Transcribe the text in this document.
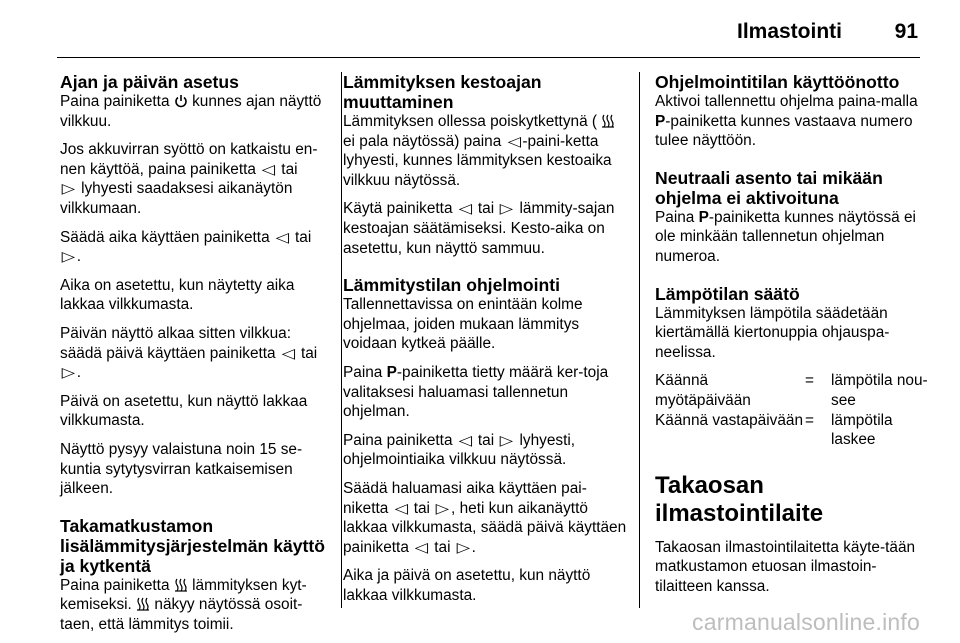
Ilmastointi	91
Ajan ja päivän asetus

Paina painiketta kunnes ajan näyttö vilkkuu.

Jos akkuvirran syöttö on katkaistu en-nen käyttöä, paina painiketta ◁ tai
▷ lyhyesti saadaksesi aikanäytön vilkkumaan.

Säädä aika käyttäen painiketta ◁ tai ▷ .

Aika on asetettu, kun näytetty aika lakkaa vilkkumasta.

Päivän näyttö alkaa sitten vilkkua: säädä päivä käyttäen painiketta ◁ tai ▷ .

Päivä on asetettu, kun näyttö lakkaa vilkkumasta.

Näyttö pysyy valaistuna noin 15 se-kuntia sytytysvirran katkaisemisen jälkeen.

Takamatkustamon lisälämmitysjärjestelmän käyttö ja kytkentä

Paina painiketta lämmityksen kyt-kemiseksi. näkyy näytössä osoit-taen, että lämmitys toimii.

Lämmityksen kestoajan muuttaminen

Lämmityksen ollessa poiskytkettynä (  ei pala näytössä) paina ◁ -paini-ketta lyhyesti, kunnes lämmityksen kestoaika vilkkuu näytössä.

Käytä painiketta ◁ tai ▷ lämmity-sajan kestoajan säätämiseksi. Kesto-aika on asetettu, kun näyttö sammuu.

Lämmitystilan ohjelmointi

Tallennettavissa on enintään kolme ohjelmaa, joiden mukaan lämmitys voidaan kytkeä päälle.

Paina P-painiketta tietty määrä ker-toja valitaksesi haluamasi tallennetun ohjelman.

Paina painiketta ◁ tai ▷ lyhyesti, ohjelmointiaika vilkkuu näytössä.

Säädä haluamasi aika käyttäen pai-niketta ◁ tai ▷ , heti kun aikanäyttö lakkaa vilkkumasta, säädä päivä käyttäen painiketta ◁ tai ▷ .

Aika ja päivä on asetettu, kun näyttö lakkaa vilkkumasta.

Ohjelmointitilan käyttöönotto

Aktivoi tallennettu ohjelma paina-malla P-painiketta kunnes vastaava numero tulee näyttöön.

Neutraali asento tai mikään ohjelma ei aktivoituna

Paina P-painiketta kunnes näytössä ei ole minkään tallennetun ohjelman numeroa.

Lämpötilan säätö

Lämmityksen lämpötila säädetään kiertämällä kiertonuppia ohjauspa-neelissa.

Käännä myötäpäivään	=	lämpötila nou-see
Käännä vastapäivään	=	lämpötila laskee
Takaosan ilmastointilaite

Takaosan ilmastointilaitetta käyte-tään matkustamon etuosan ilmastoin-tilaitteen kanssa.

carmanualsonline.info
